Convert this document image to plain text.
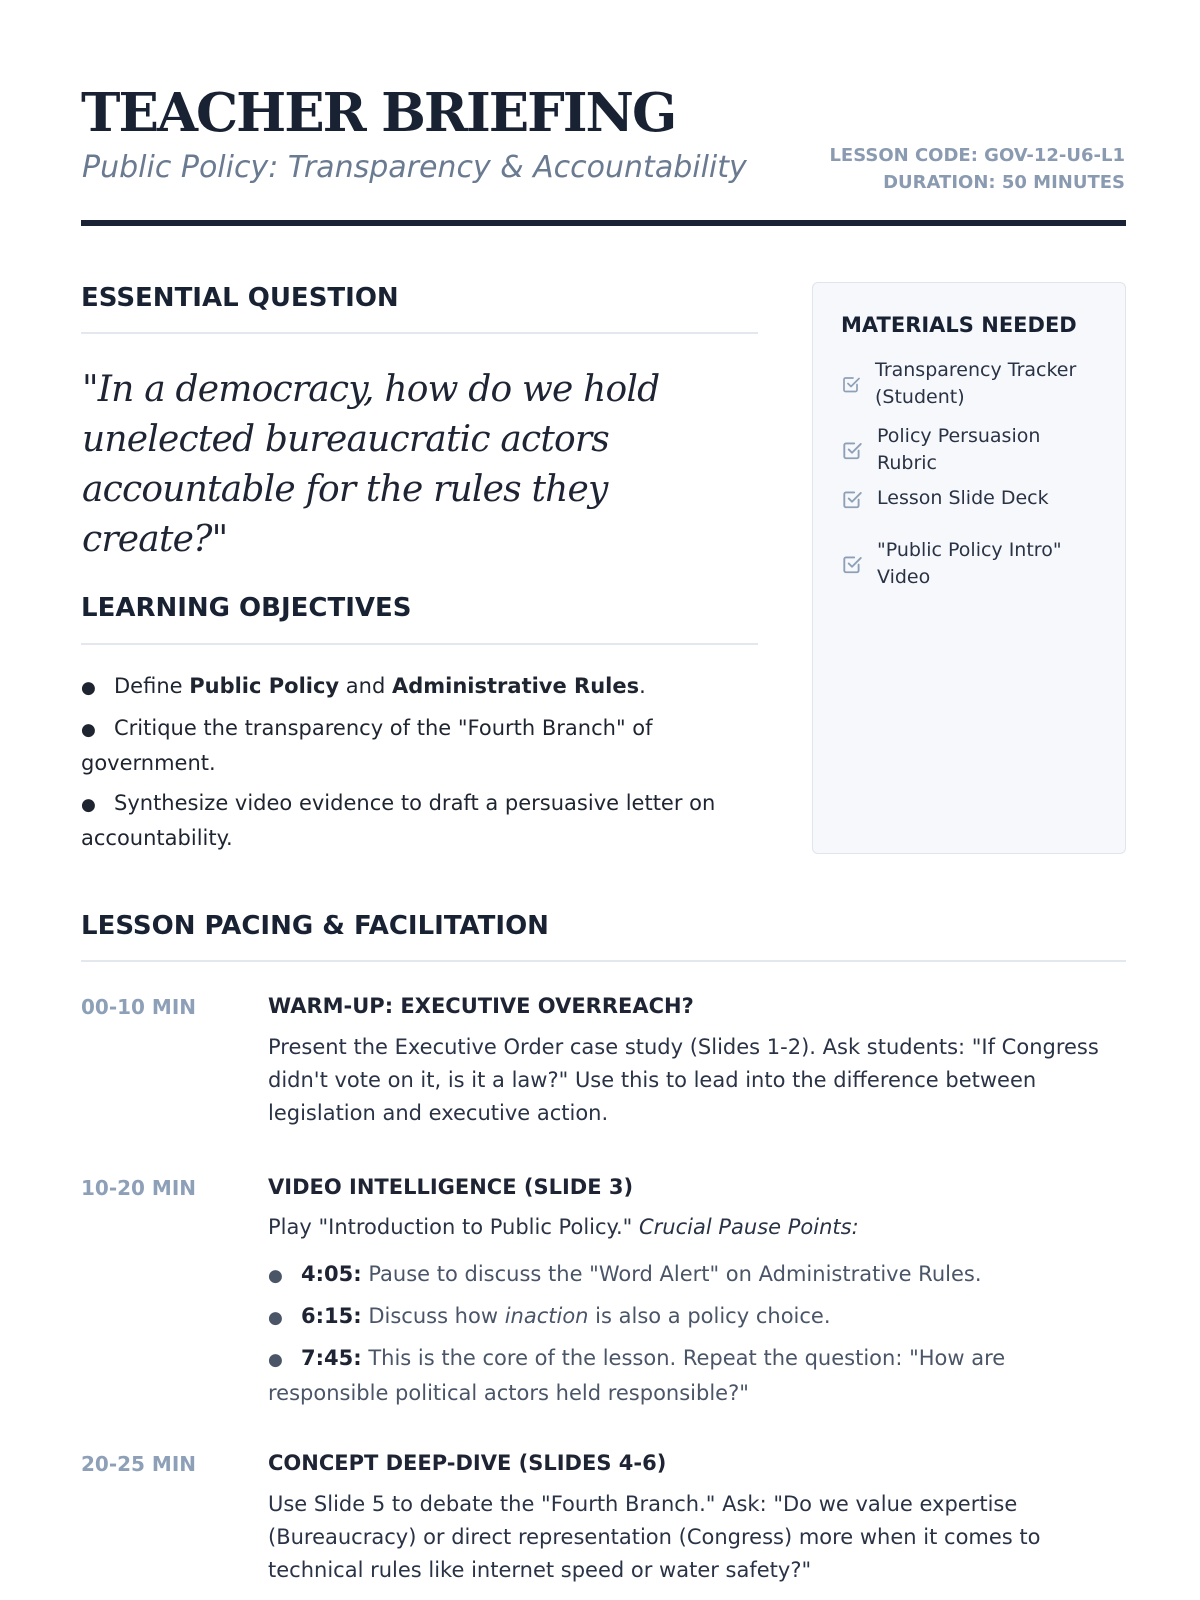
TEACHER BRIEFING
Public Policy: Transparency & Accountability	LESSON CODE: GOV-12-U6-L1
DURATION: 50 MINUTES
ESSENTIAL QUESTION

"In a democracy, how do we hold unelected bureaucratic actors accountable for the rules they create?"

LEARNING OBJECTIVES
● Define Public Policy and Administrative Rules.
● Critique the transparency of the "Fourth Branch" of government.
● Synthesize video evidence to draft a persuasive letter on accountability.
MATERIALS NEEDED
Transparency Tracker (Student)
Policy Persuasion Rubric
Lesson Slide Deck
"Public Policy Intro" Video
LESSON PACING & FACILITATION
00-10 MIN	WARM-UP: EXECUTIVE OVERREACH?

Present the Executive Order case study (Slides 1-2). Ask students: "If Congress didn't vote on it, is it a law?" Use this to lead into the difference between legislation and executive action.

10-20 MIN	VIDEO INTELLIGENCE (SLIDE 3)

Play "Introduction to Public Policy." Crucial Pause Points:

● 4:05: Pause to discuss the "Word Alert" on Administrative Rules.
● 6:15: Discuss how inaction is also a policy choice.
● 7:45: This is the core of the lesson. Repeat the question: "How are responsible political actors held responsible?"
20-25 MIN	CONCEPT DEEP-DIVE (SLIDES 4-6)

Use Slide 5 to debate the "Fourth Branch." Ask: "Do we value expertise (Bureaucracy) or direct representation (Congress) more when it comes to technical rules like internet speed or water safety?"
